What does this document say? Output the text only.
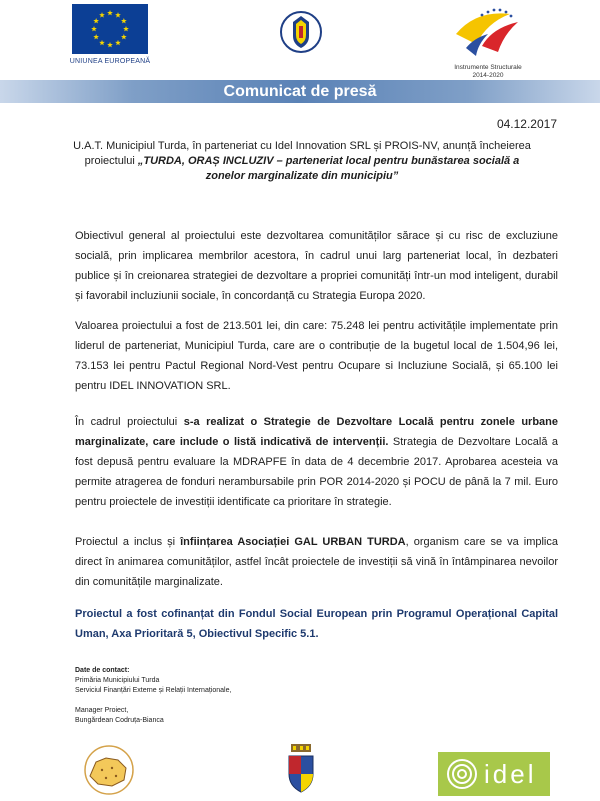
UNIUNEA EUROPEANĂ
Instrumente Structurale
2014-2020
Comunicat de presă
04.12.2017
U.A.T. Municipiul Turda, în parteneriat cu Idel Innovation SRL și PROIS-NV, anunță încheierea proiectului „TURDA, ORAȘ INCLUZIV – parteneriat local pentru bunăstarea socială a zonelor marginalizate din municipiu”
Obiectivul general al proiectului este dezvoltarea comunităților sărace și cu risc de excluziune socială, prin implicarea membrilor acestora, în cadrul unui larg parteneriat local, în dezbateri publice și în creionarea strategiei de dezvoltare a propriei comunități într-un mod inteligent, durabil și favorabil incluziunii sociale, în concordanță cu Strategia Europa 2020.
Valoarea proiectului a fost de 213.501 lei, din care: 75.248 lei pentru activitățile implementate prin liderul de parteneriat, Municipiul Turda, care are o contribuție de la bugetul local de 1.504,96 lei, 73.153 lei pentru Pactul Regional Nord-Vest pentru Ocupare si Incluziune Socială, și 65.100 lei pentru IDEL INNOVATION SRL.
În cadrul proiectului s-a realizat o Strategie de Dezvoltare Locală pentru zonele urbane marginalizate, care include o listă indicativă de intervenții. Strategia de Dezvoltare Locală a fost depusă pentru evaluare la MDRAPFE în data de 4 decembrie 2017. Aprobarea acesteia va permite atragerea de fonduri nerambursabile prin POR 2014-2020 și POCU de până la 7 mil. Euro pentru proiectele de investiții identificate ca prioritare în strategie.
Proiectul a inclus și înființarea Asociației GAL URBAN TURDA, organism care se va implica direct în animarea comunităților, astfel încât proiectele de investiții să vină în întâmpinarea nevoilor din comunitățile marginalizate.
Proiectul a fost cofinanțat din Fondul Social European prin Programul Operațional Capital Uman, Axa Prioritară 5, Obiectivul Specific 5.1.
Date de contact:
Primăria Municipiului Turda
Serviciul Finanțări Externe și Relații Internaționale,
Manager Proiect,
Bungărdean Codruța-Bianca
idel
